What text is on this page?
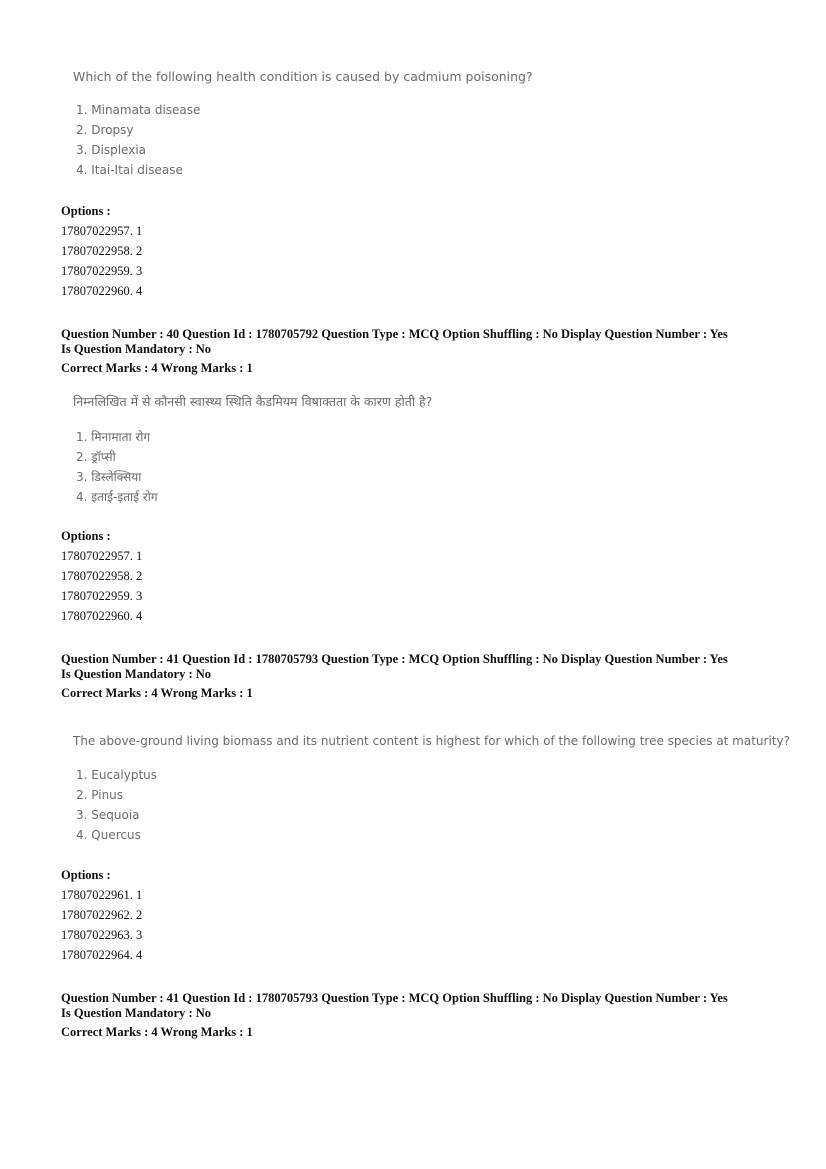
Which of the following health condition is caused by cadmium poisoning?
1. Minamata disease
2. Dropsy
3. Displexia
4. Itai-Itai disease
Options :
17807022957. 1
17807022958. 2
17807022959. 3
17807022960. 4
Question Number : 40 Question Id : 1780705792 Question Type : MCQ Option Shuffling : No Display Question Number : Yes
Is Question Mandatory : No
Correct Marks : 4 Wrong Marks : 1
निम्नलिखित में से कौनसी स्वास्थ्य स्थिति कैडमियम विषाक्तता के कारण होती है?
1. मिनामाता रोग
2. ड्रॉप्सी
3. डिस्लेक्सिया
4. इताई-इताई रोग
Options :
17807022957. 1
17807022958. 2
17807022959. 3
17807022960. 4
Question Number : 41 Question Id : 1780705793 Question Type : MCQ Option Shuffling : No Display Question Number : Yes
Is Question Mandatory : No
Correct Marks : 4 Wrong Marks : 1
The above-ground living biomass and its nutrient content is highest for which of the following tree species at maturity?
1. Eucalyptus
2. Pinus
3. Sequoia
4. Quercus
Options :
17807022961. 1
17807022962. 2
17807022963. 3
17807022964. 4
Question Number : 41 Question Id : 1780705793 Question Type : MCQ Option Shuffling : No Display Question Number : Yes
Is Question Mandatory : No
Correct Marks : 4 Wrong Marks : 1
